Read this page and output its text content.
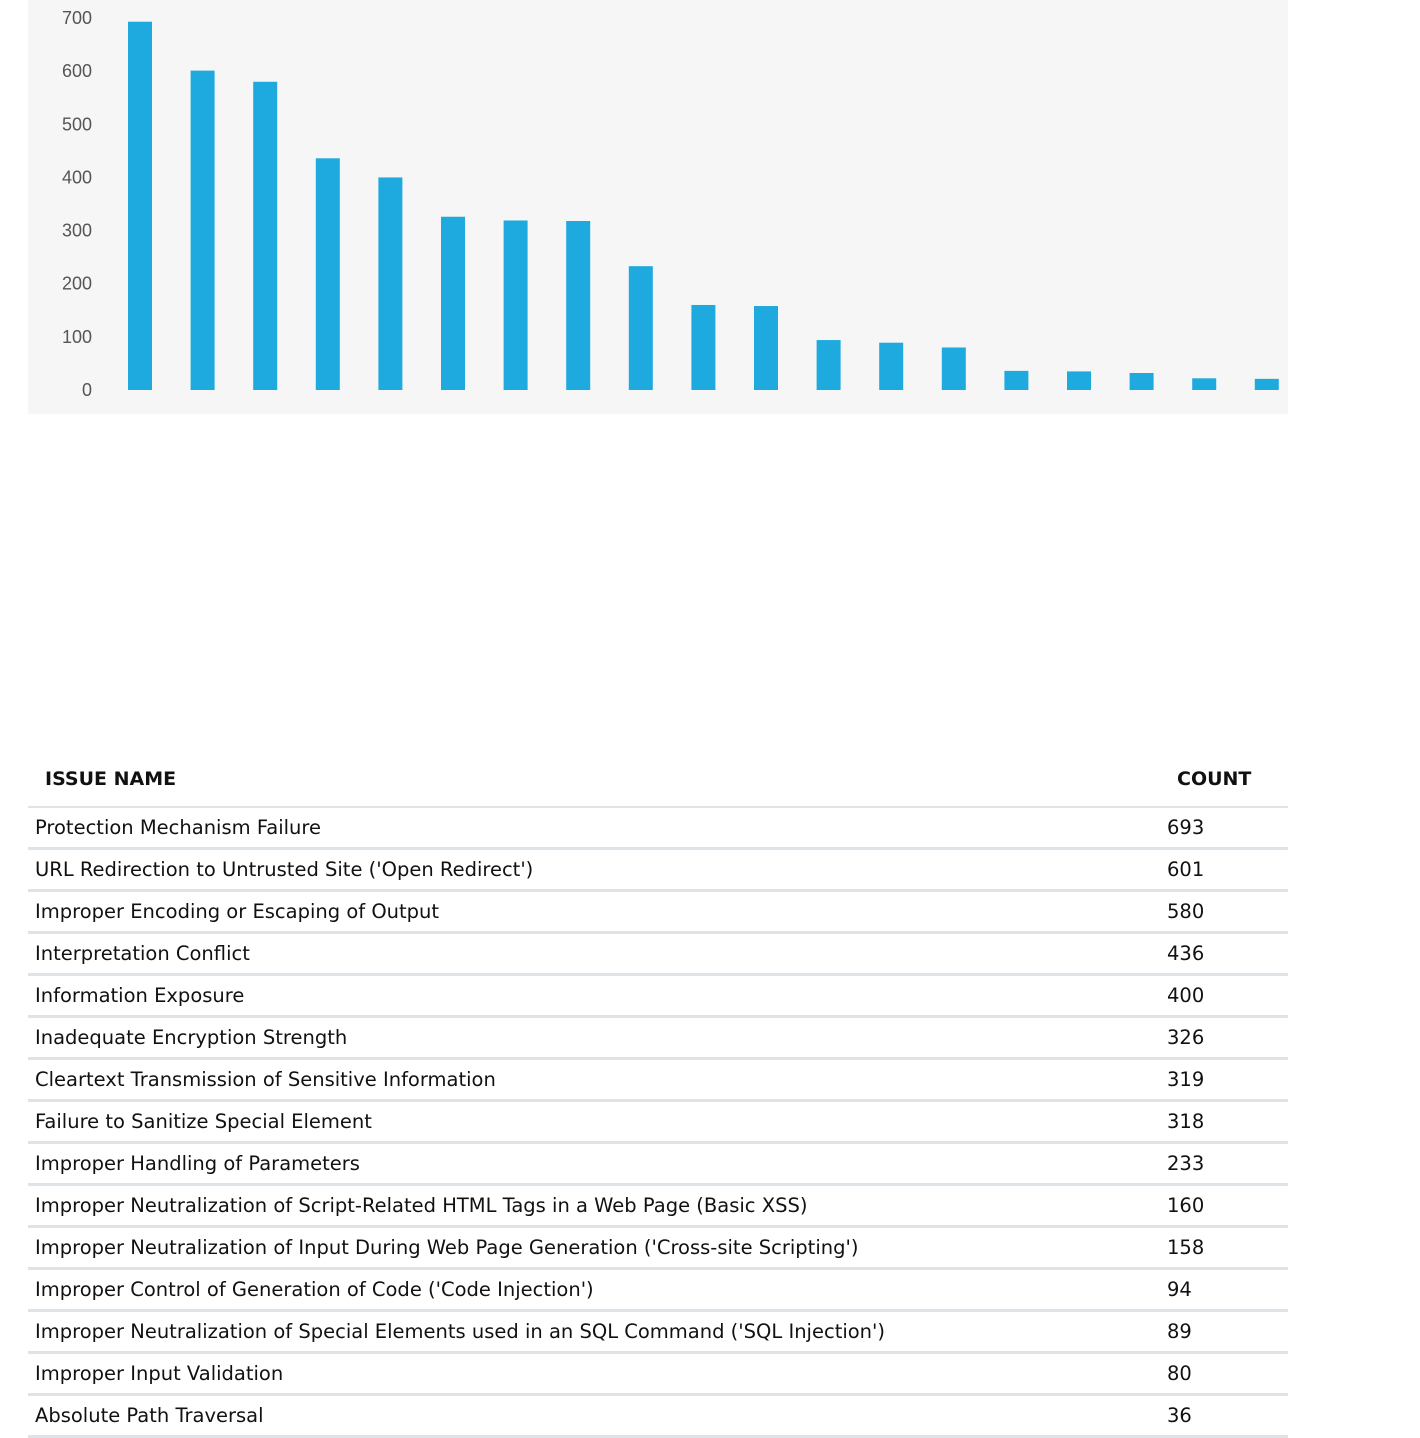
0
100
200
300
400
500
600
700
ISSUE NAME	COUNT
Protection Mechanism Failure	693
URL Redirection to Untrusted Site ('Open Redirect')	601
Improper Encoding or Escaping of Output	580
Interpretation Conflict	436
Information Exposure	400
Inadequate Encryption Strength	326
Cleartext Transmission of Sensitive Information	319
Failure to Sanitize Special Element	318
Improper Handling of Parameters	233
Improper Neutralization of Script-Related HTML Tags in a Web Page (Basic XSS)	160
Improper Neutralization of Input During Web Page Generation ('Cross-site Scripting')	158
Improper Control of Generation of Code ('Code Injection')	94
Improper Neutralization of Special Elements used in an SQL Command ('SQL Injection')	89
Improper Input Validation	80
Absolute Path Traversal	36
